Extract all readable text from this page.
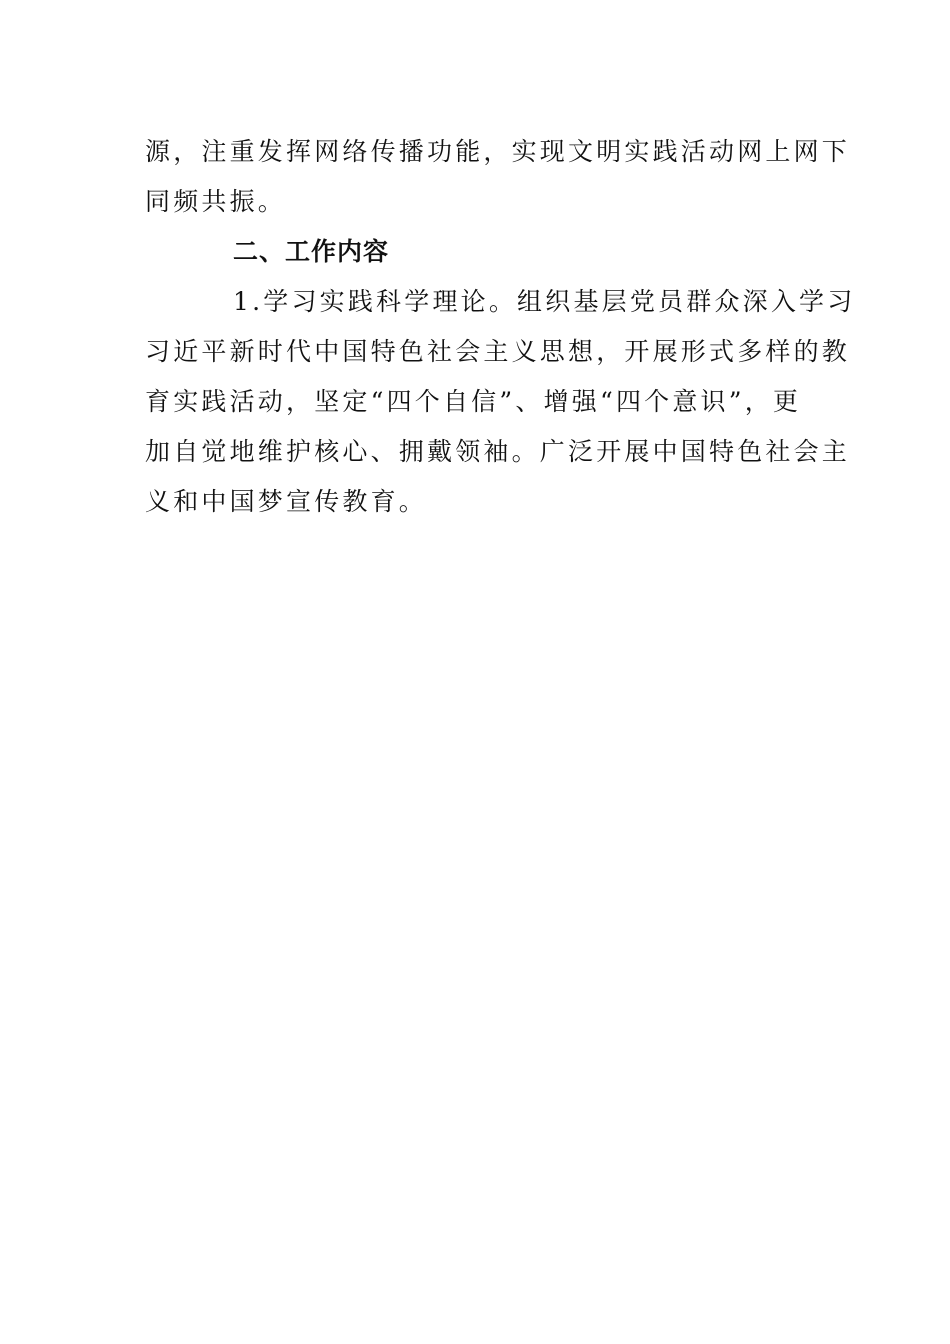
源，注重发挥网络传播功能，实现文明实践活动网上网下
同频共振。
二、工作内容
1.学习实践科学理论。组织基层党员群众深入学习
习近平新时代中国特色社会主义思想，开展形式多样的教
育实践活动，坚定“四个自信”、增强“四个意识”，更
加自觉地维护核心、拥戴领袖。广泛开展中国特色社会主
义和中国梦宣传教育。
